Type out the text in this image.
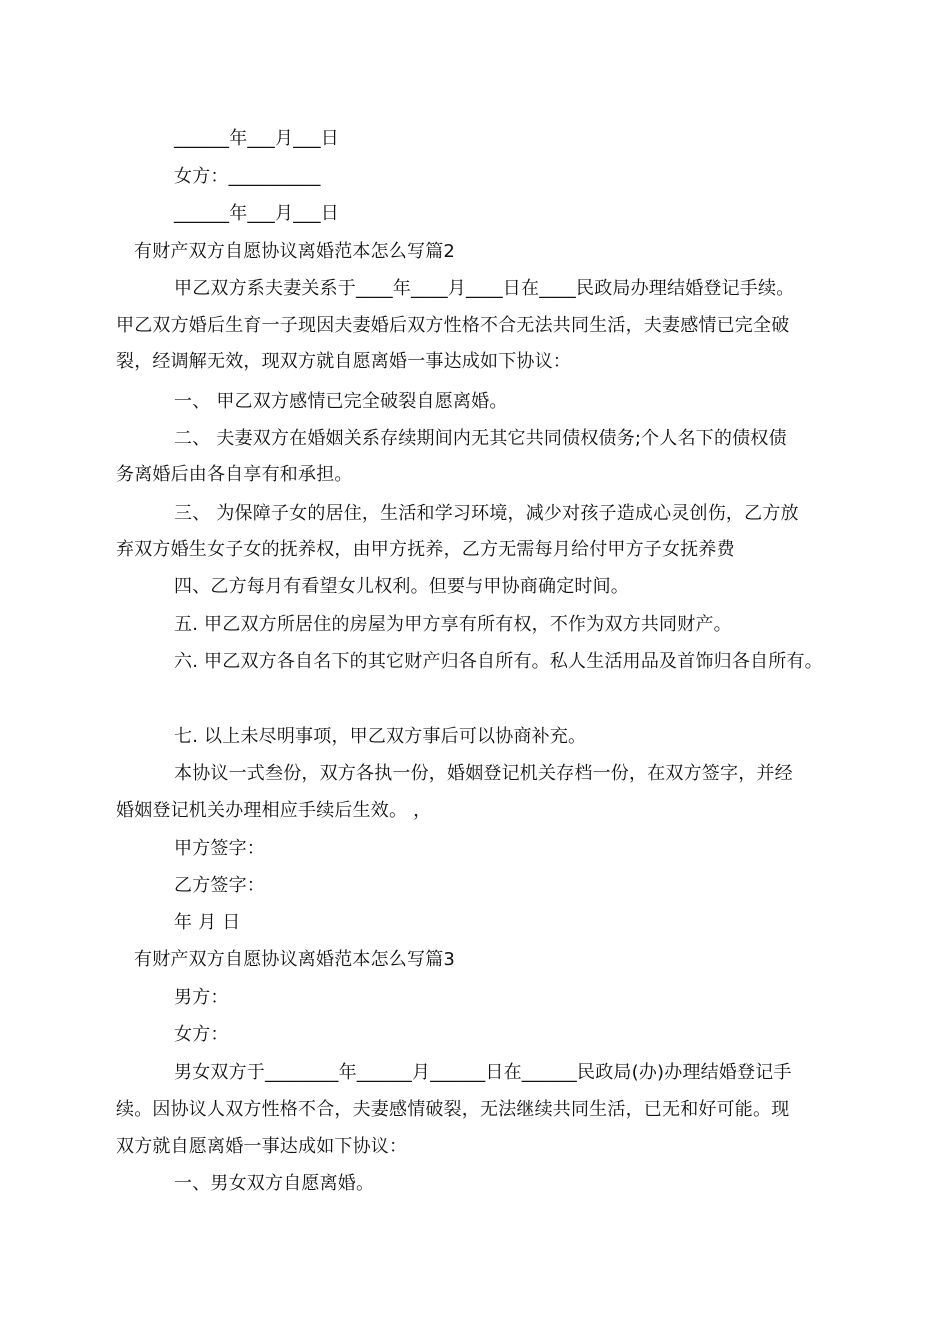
______年___月___日
女方：__________
______年___月___日
有财产双方自愿协议离婚范本怎么写篇2
甲乙双方系夫妻关系于____年____月____日在____民政局办理结婚登记手续。
甲乙双方婚后生育一子现因夫妻婚后双方性格不合无法共同生活，夫妻感情已完全破
裂，经调解无效，现双方就自愿离婚一事达成如下协议：
一、 甲乙双方感情已完全破裂自愿离婚。
二、 夫妻双方在婚姻关系存续期间内无其它共同债权债务;个人名下的债权债
务离婚后由各自享有和承担。
三、 为保障子女的居住，生活和学习环境，减少对孩子造成心灵创伤，乙方放
弃双方婚生女子女的抚养权，由甲方抚养，乙方无需每月给付甲方子女抚养费
四、乙方每月有看望女儿权利。但要与甲协商确定时间。
五. 甲乙双方所居住的房屋为甲方享有所有权，不作为双方共同财产。
六. 甲乙双方各自名下的其它财产归各自所有。私人生活用品及首饰归各自所有。
七. 以上未尽明事项，甲乙双方事后可以协商补充。
本协议一式叁份，双方各执一份，婚姻登记机关存档一份，在双方签字，并经
婚姻登记机关办理相应手续后生效。 ，
甲方签字：
乙方签字：
年 月 日
有财产双方自愿协议离婚范本怎么写篇3
男方：
女方：
男女双方于________年______月______日在______民政局(办)办理结婚登记手
续。因协议人双方性格不合，夫妻感情破裂，无法继续共同生活，已无和好可能。现
双方就自愿离婚一事达成如下协议：
一、男女双方自愿离婚。
